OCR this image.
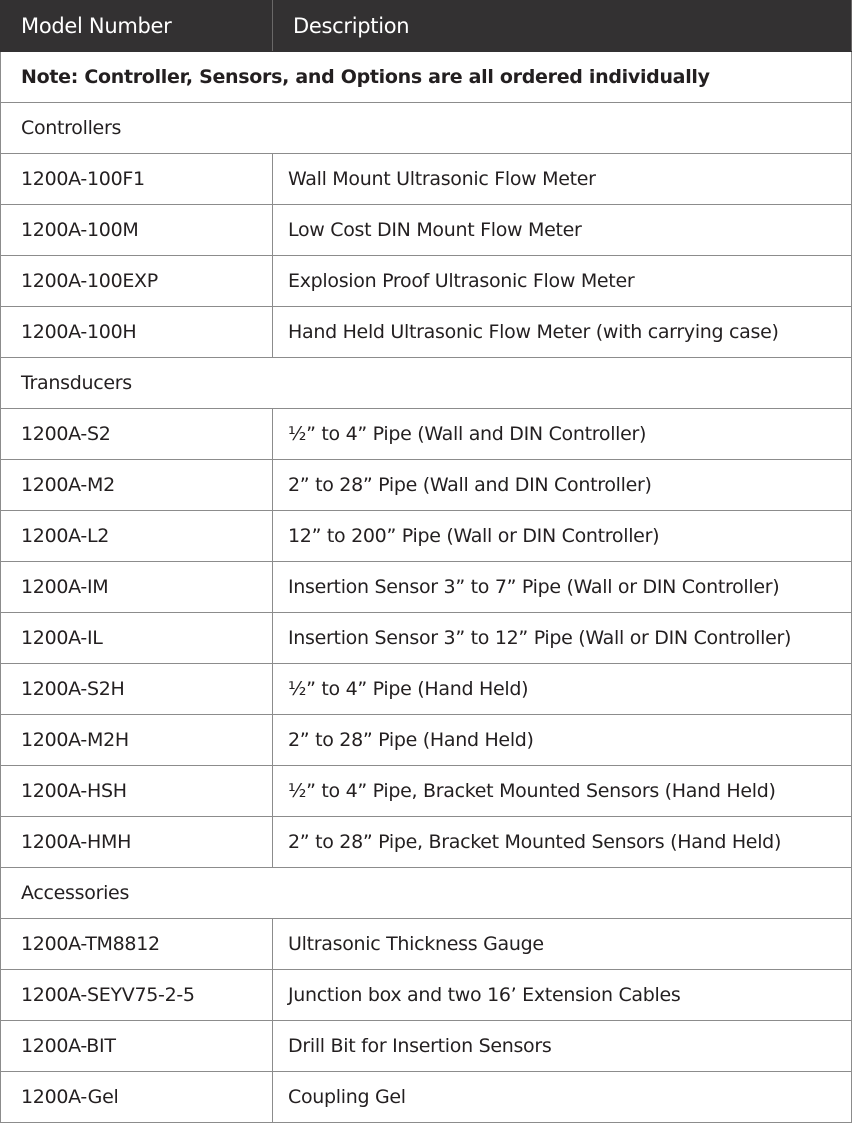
Model Number	Description
Note: Controller, Sensors, and Options are all ordered individually	
Controllers	
1200A-100F1	Wall Mount Ultrasonic Flow Meter
1200A-100M	Low Cost DIN Mount Flow Meter
1200A-100EXP	Explosion Proof Ultrasonic Flow Meter
1200A-100H	Hand Held Ultrasonic Flow Meter (with carrying case)
Transducers	
1200A-S2	½” to 4” Pipe (Wall and DIN Controller)
1200A-M2	2” to 28” Pipe (Wall and DIN Controller)
1200A-L2	12” to 200” Pipe (Wall or DIN Controller)
1200A-IM	Insertion Sensor 3” to 7” Pipe (Wall or DIN Controller)
1200A-IL	Insertion Sensor 3” to 12” Pipe (Wall or DIN Controller)
1200A-S2H	½” to 4” Pipe (Hand Held)
1200A-M2H	2” to 28” Pipe (Hand Held)
1200A-HSH	½” to 4” Pipe, Bracket Mounted Sensors (Hand Held)
1200A-HMH	2” to 28” Pipe, Bracket Mounted Sensors (Hand Held)
Accessories	
1200A-TM8812	Ultrasonic Thickness Gauge
1200A-SEYV75-2-5	Junction box and two 16’ Extension Cables
1200A-BIT	Drill Bit for Insertion Sensors
1200A-Gel	Coupling Gel
